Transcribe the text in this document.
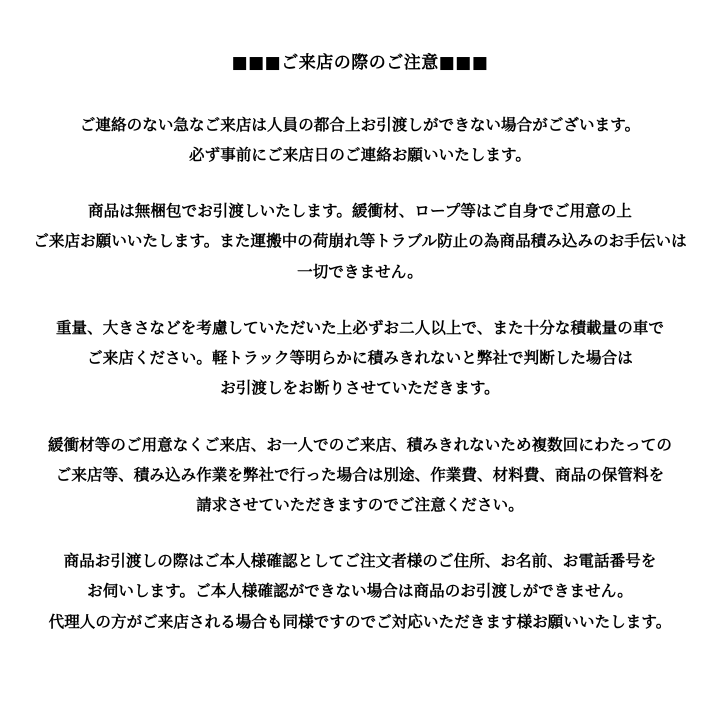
■■■ご来店の際のご注意■■■
ご連絡のない急なご来店は人員の都合上お引渡しができない場合がございます。
必ず事前にご来店日のご連絡お願いいたします。
商品は無梱包でお引渡しいたします。緩衝材、ロープ等はご自身でご用意の上
ご来店お願いいたします。また運搬中の荷崩れ等トラブル防止の為商品積み込みのお手伝いは
一切できません。
重量、大きさなどを考慮していただいた上必ずお二人以上で、また十分な積載量の車で
ご来店ください。軽トラック等明らかに積みきれないと弊社で判断した場合は
お引渡しをお断りさせていただきます。
緩衝材等のご用意なくご来店、お一人でのご来店、積みきれないため複数回にわたっての
ご来店等、積み込み作業を弊社で行った場合は別途、作業費、材料費、商品の保管料を
請求させていただきますのでご注意ください。
商品お引渡しの際はご本人様確認としてご注文者様のご住所、お名前、お電話番号を
お伺いします。ご本人様確認ができない場合は商品のお引渡しができません。
代理人の方がご来店される場合も同様ですのでご対応いただきます様お願いいたします。
